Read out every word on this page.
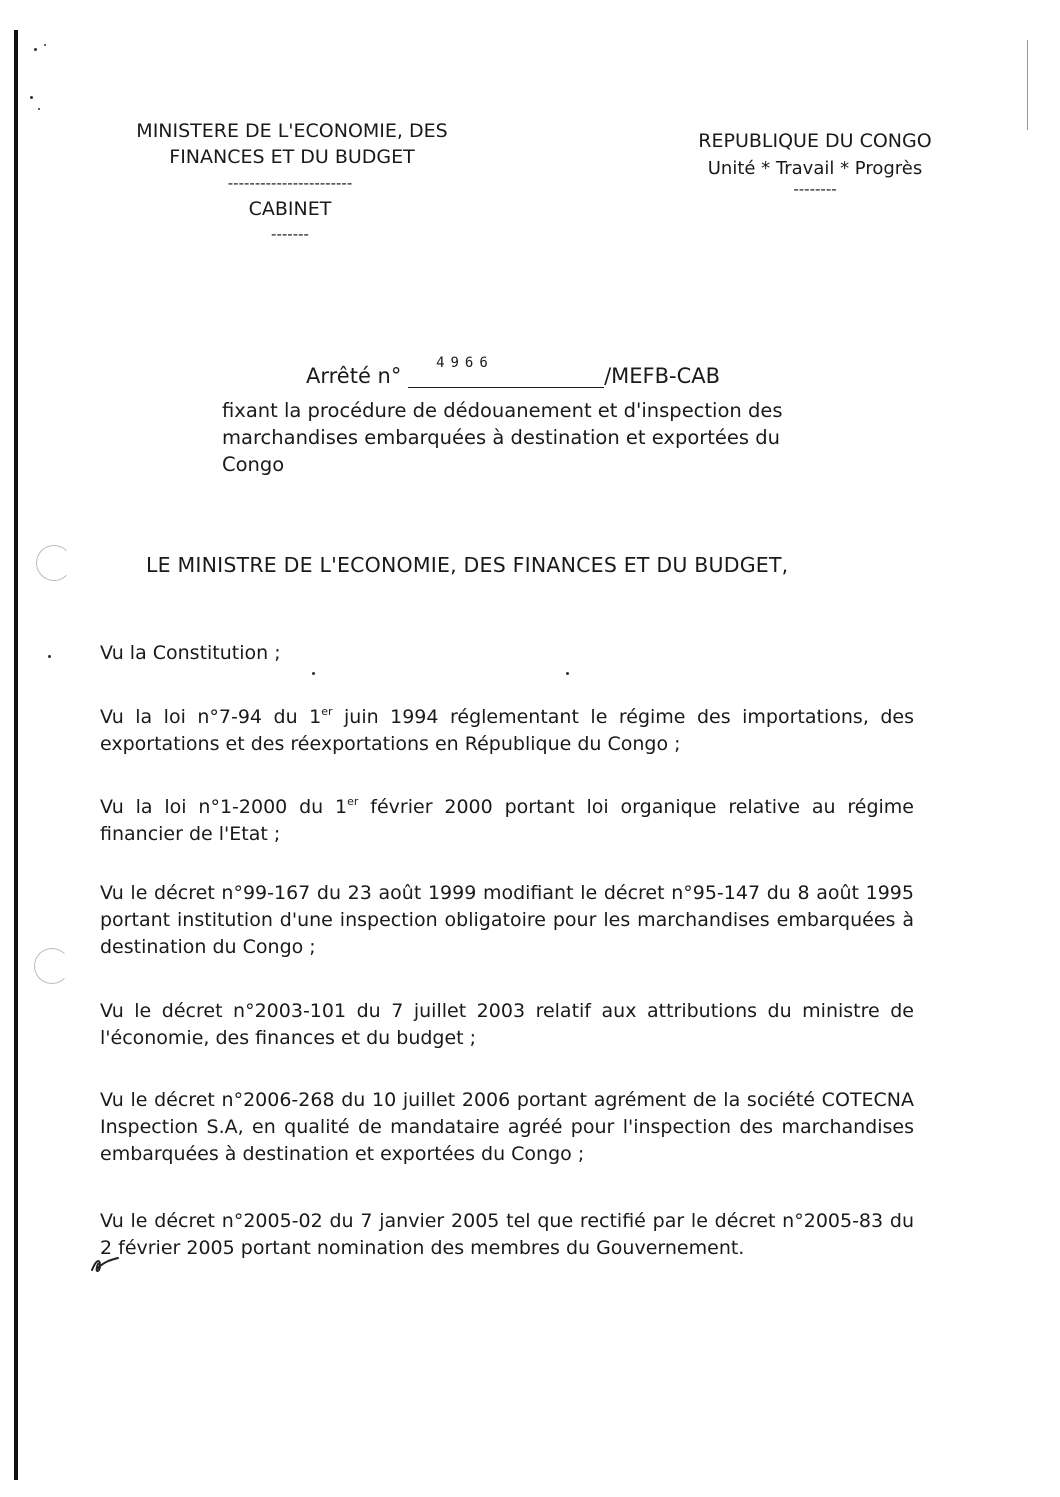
MINISTERE DE L'ECONOMIE, DES
FINANCES ET DU BUDGET
-----------------------
CABINET
-------
REPUBLIQUE DU CONGO
Unité * Travail * Progrès
--------
Arrêté n°
4966
/MEFB-CAB
fixant la procédure de dédouanement et d'inspection des marchandises embarquées à destination et exportées du Congo
LE MINISTRE DE L'ECONOMIE, DES FINANCES ET DU BUDGET,

Vu la Constitution ;

Vu la loi n°7-94 du 1er juin 1994 réglementant le régime des importations, des exportations et des réexportations en République du Congo ;

Vu la loi n°1-2000 du 1er février 2000 portant loi organique relative au régime financier de l'Etat ;

Vu le décret n°99-167 du 23 août 1999 modifiant le décret n°95-147 du 8 août 1995 portant institution d'une inspection obligatoire pour les marchandises embarquées à destination du Congo ;

Vu le décret n°2003-101 du 7 juillet 2003 relatif aux attributions du ministre de l'économie, des finances et du budget ;

Vu le décret n°2006-268 du 10 juillet 2006 portant agrément de la société COTECNA Inspection S.A, en qualité de mandataire agréé pour l'inspection des marchandises embarquées à destination et exportées du Congo ;

Vu le décret n°2005-02 du 7 janvier 2005 tel que rectifié par le décret n°2005-83 du 2 février 2005 portant nomination des membres du Gouvernement.
